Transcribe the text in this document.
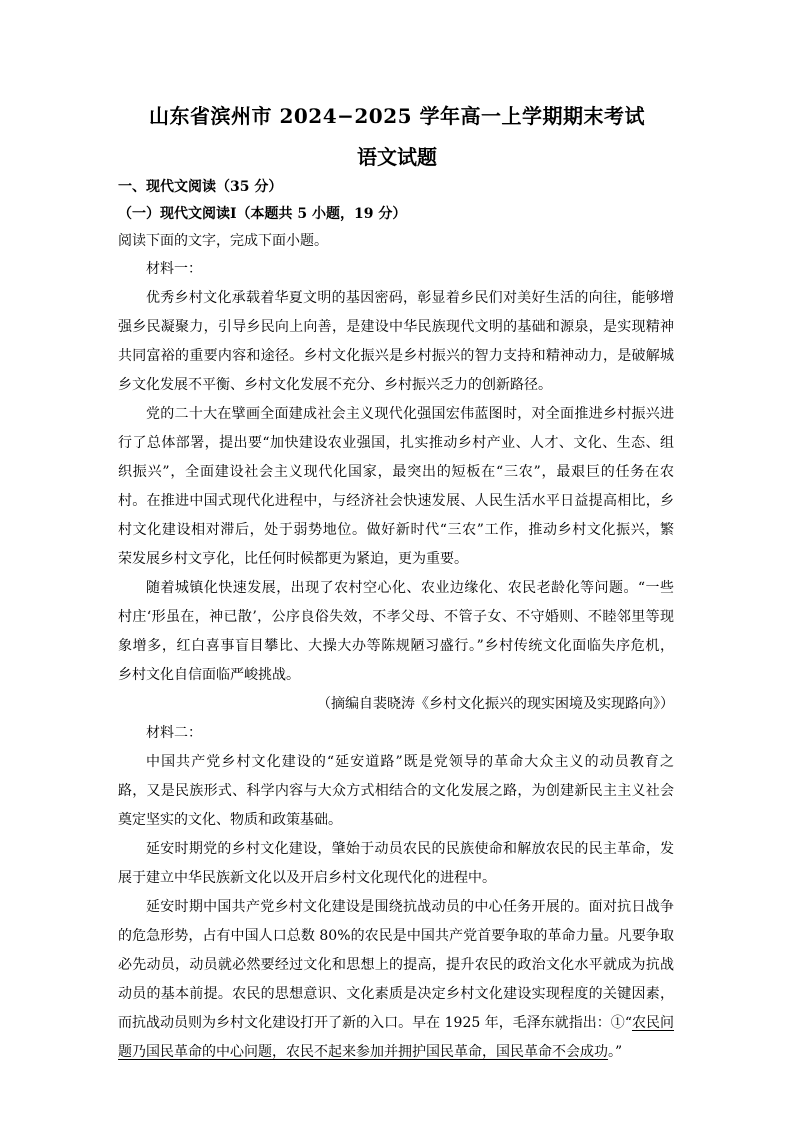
山东省滨州市 2024−2025 学年高一上学期期末考试
语文试题
一、现代文阅读（35 分）
（一）现代文阅读Ⅰ（本题共 5 小题，19 分）
阅读下面的文字，完成下面小题。
材料一：
优秀乡村文化承载着华夏文明的基因密码，彰显着乡民们对美好生活的向往，能够增
强乡民凝聚力，引导乡民向上向善，是建设中华民族现代文明的基础和源泉，是实现精神
共同富裕的重要内容和途径。乡村文化振兴是乡村振兴的智力支持和精神动力，是破解城
乡文化发展不平衡、乡村文化发展不充分、乡村振兴乏力的创新路径。
党的二十大在擘画全面建成社会主义现代化强国宏伟蓝图时，对全面推进乡村振兴进
行了总体部署，提出要“加快建设农业强国，扎实推动乡村产业、人才、文化、生态、组
织振兴”，全面建设社会主义现代化国家，最突出的短板在“三农”，最艰巨的任务在农
村。在推进中国式现代化进程中，与经济社会快速发展、人民生活水平日益提高相比，乡
村文化建设相对滞后，处于弱势地位。做好新时代“三农”工作，推动乡村文化振兴，繁
荣发展乡村文亨化，比任何时候都更为紧迫，更为重要。
随着城镇化快速发展，出现了农村空心化、农业边缘化、农民老龄化等问题。“一些
村庄‘形虽在，神已散’，公序良俗失效，不孝父母、不管子女、不守婚则、不睦邻里等现
象增多，红白喜事盲目攀比、大操大办等陈规陋习盛行。”乡村传统文化面临失序危机，
乡村文化自信面临严峻挑战。
（摘编自裴晓涛《乡村文化振兴的现实困境及实现路向》）
材料二：
中国共产党乡村文化建设的“延安道路”既是党领导的革命大众主义的动员教育之
路，又是民族形式、科学内容与大众方式相结合的文化发展之路，为创建新民主主义社会
奠定坚实的文化、物质和政策基础。
延安时期党的乡村文化建设，肇始于动员农民的民族使命和解放农民的民主革命，发
展于建立中华民族新文化以及开启乡村文化现代化的进程中。
延安时期中国共产党乡村文化建设是围绕抗战动员的中心任务开展的。面对抗日战争
的危急形势，占有中国人口总数 80%的农民是中国共产党首要争取的革命力量。凡要争取
必先动员，动员就必然要经过文化和思想上的提高，提升农民的政治文化水平就成为抗战
动员的基本前提。农民的思想意识、文化素质是决定乡村文化建设实现程度的关键因素，
而抗战动员则为乡村文化建设打开了新的入口。早在 1925 年，毛泽东就指出：①“农民问
题乃国民革命的中心问题，农民不起来参加并拥护国民革命，国民革命不会成功。”
